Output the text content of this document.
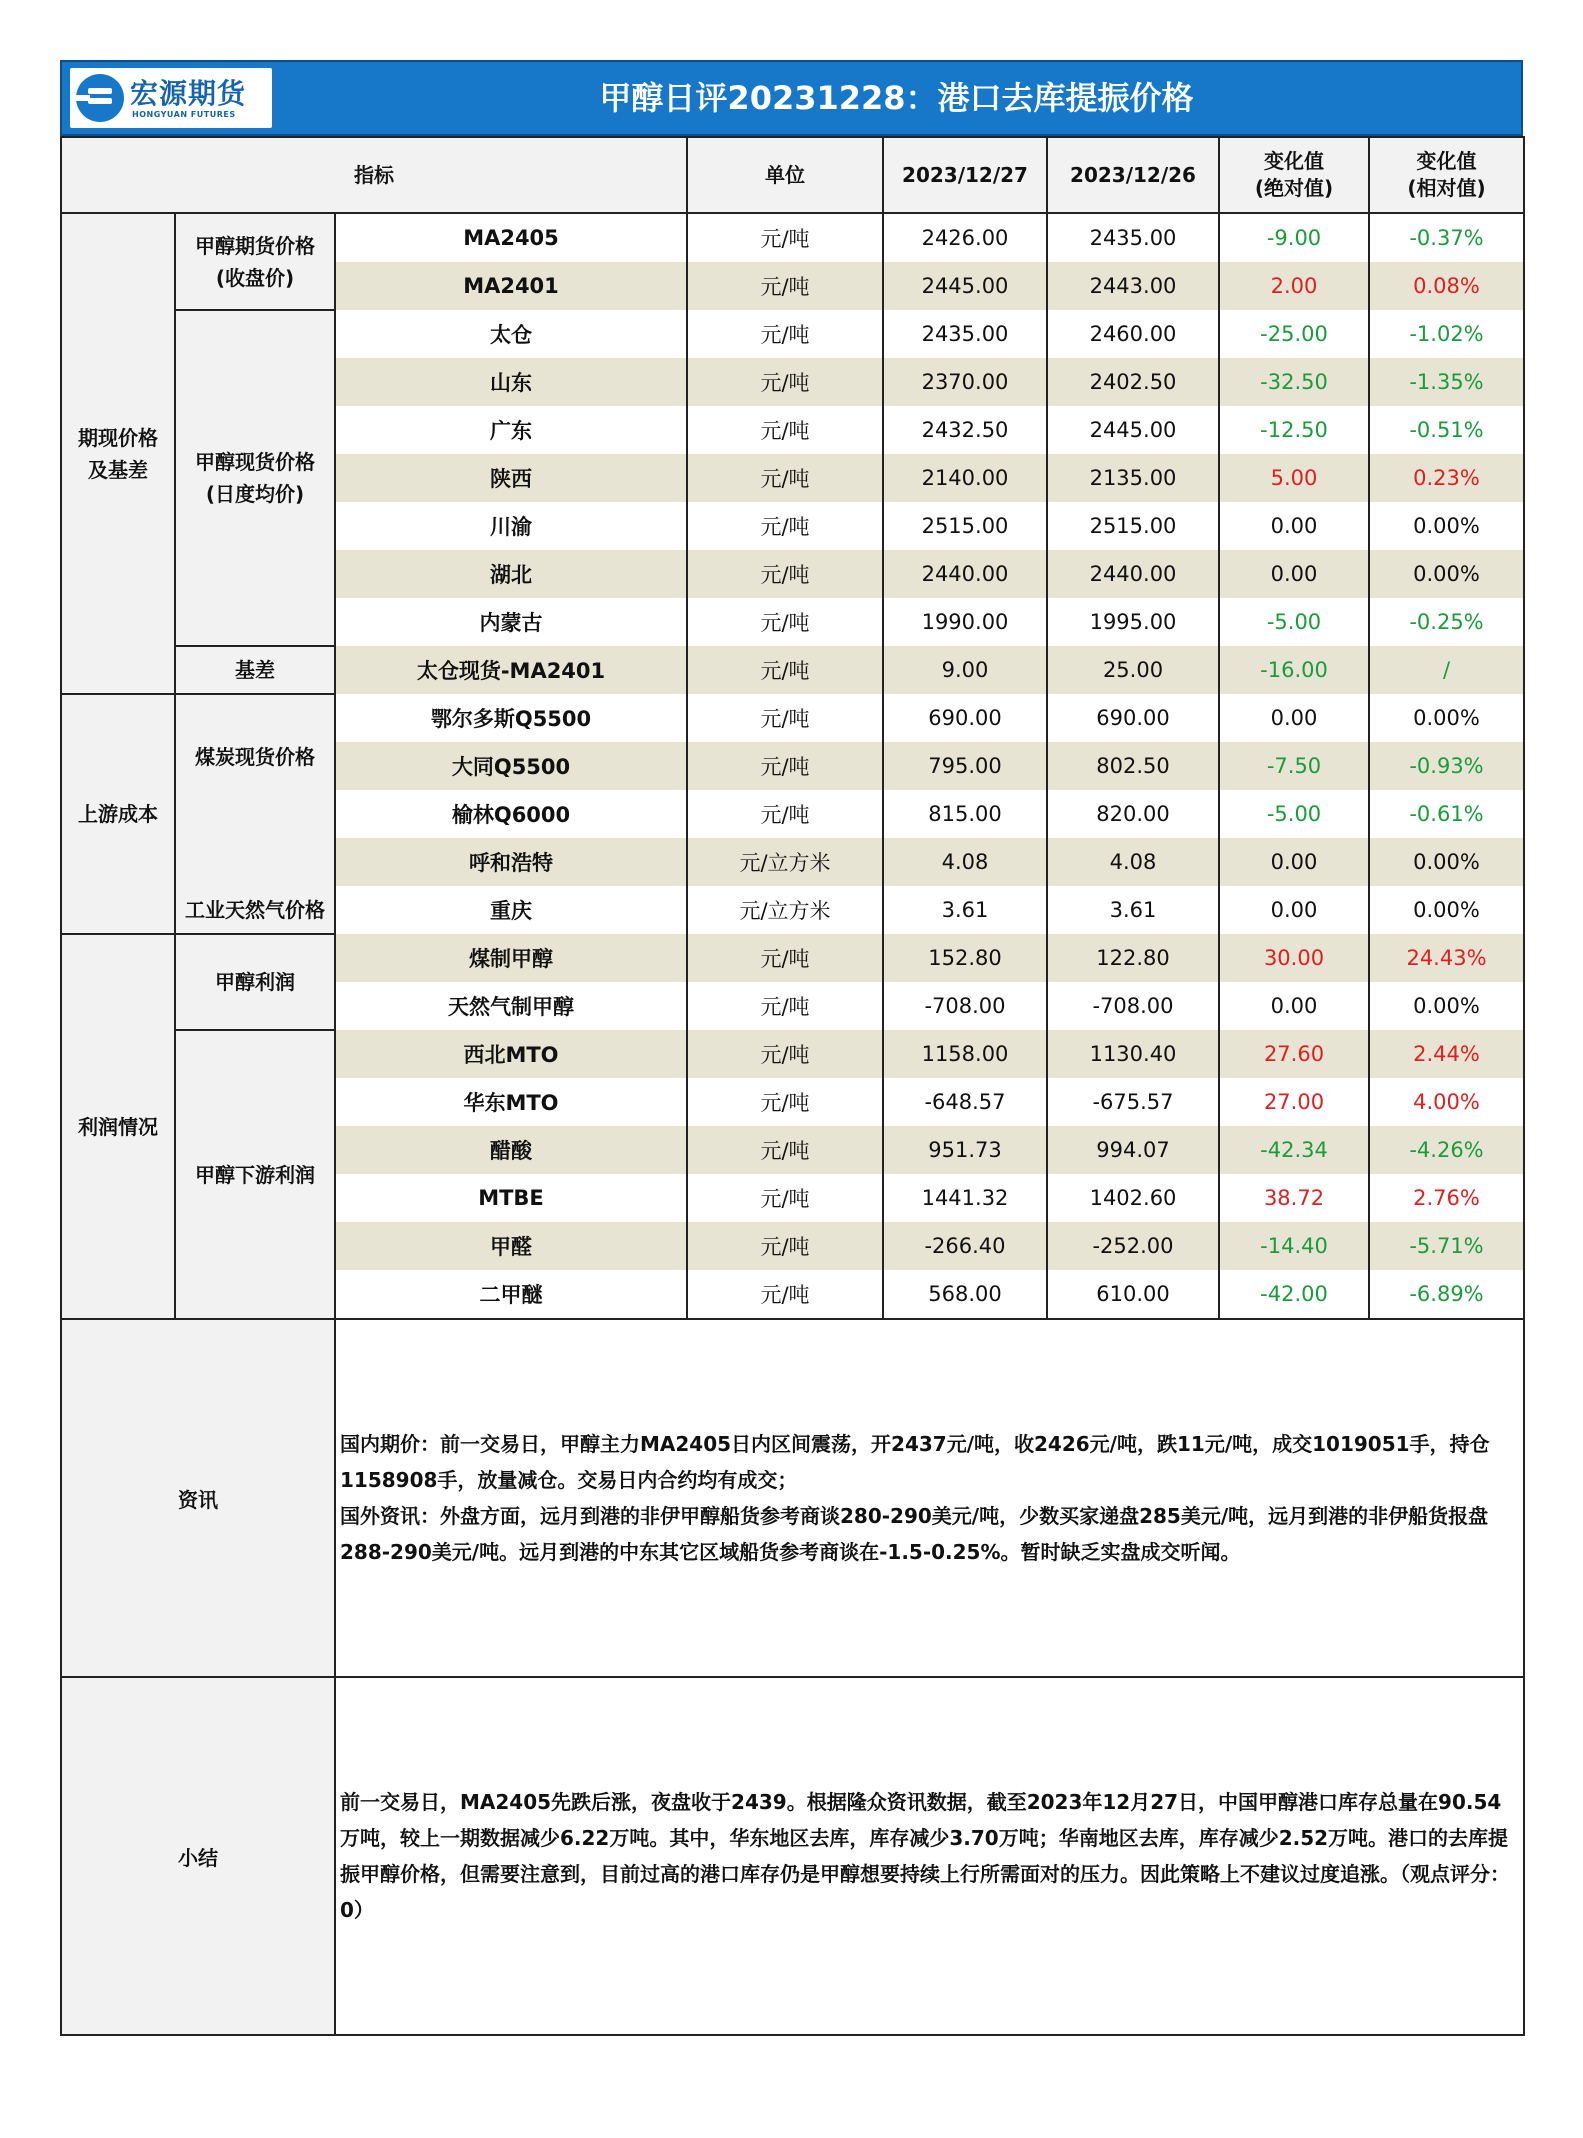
宏源期货
HONGYUAN FUTURES	甲醇日评20231228：港口去库提振价格
指标			单位	2023/12/27	2023/12/26	变化值
(绝对值)	变化值
(相对值)
期现价格
及基差	甲醇期货价格
(收盘价)	MA2405	元/吨	2426.00	2435.00	-9.00	-0.37%
		MA2401	元/吨	2445.00	2443.00	2.00	0.08%
	甲醇现货价格
(日度均价)	太仓	元/吨	2435.00	2460.00	-25.00	-1.02%
		山东	元/吨	2370.00	2402.50	-32.50	-1.35%
		广东	元/吨	2432.50	2445.00	-12.50	-0.51%
		陕西	元/吨	2140.00	2135.00	5.00	0.23%
		川渝	元/吨	2515.00	2515.00	0.00	0.00%
		湖北	元/吨	2440.00	2440.00	0.00	0.00%
		内蒙古	元/吨	1990.00	1995.00	-5.00	-0.25%
	基差	太仓现货-MA2401	元/吨	9.00	25.00	-16.00	/
上游成本	煤炭现货价格	鄂尔多斯Q5500	元/吨	690.00	690.00	0.00	0.00%
		大同Q5500	元/吨	795.00	802.50	-7.50	-0.93%
		榆林Q6000	元/吨	815.00	820.00	-5.00	-0.61%
	工业天然气价格	呼和浩特	元/立方米	4.08	4.08	0.00	0.00%
		重庆	元/立方米	3.61	3.61	0.00	0.00%
利润情况	甲醇利润	煤制甲醇	元/吨	152.80	122.80	30.00	24.43%
		天然气制甲醇	元/吨	-708.00	-708.00	0.00	0.00%
	甲醇下游利润	西北MTO	元/吨	1158.00	1130.40	27.60	2.44%
		华东MTO	元/吨	-648.57	-675.57	27.00	4.00%
		醋酸	元/吨	951.73	994.07	-42.34	-4.26%
		MTBE	元/吨	1441.32	1402.60	38.72	2.76%
		甲醛	元/吨	-266.40	-252.00	-14.40	-5.71%
		二甲醚	元/吨	568.00	610.00	-42.00	-6.89%
资讯		国内期价：前一交易日，甲醇主力MA2405日内区间震荡，开2437元/吨，收2426元/吨，跌11元/吨，成交1019051手，持仓1158908手，放量减仓。交易日内合约均有成交；

国外资讯：外盘方面，远月到港的非伊甲醇船货参考商谈280-290美元/吨，少数买家递盘285美元/吨，远月到港的非伊船货报盘288-290美元/吨。远月到港的中东其它区域船货参考商谈在-1.5-0.25%。暂时缺乏实盘成交听闻。					

小结		前一交易日，MA2405先跌后涨，夜盘收于2439。根据隆众资讯数据，截至2023年12月27日，中国甲醇港口库存总量在90.54万吨，较上一期数据减少6.22万吨。其中，华东地区去库，库存减少3.70万吨；华南地区去库，库存减少2.52万吨。港口的去库提振甲醇价格，但需要注意到，目前过高的港口库存仍是甲醇想要持续上行所需面对的压力。因此策略上不建议过度追涨。（观点评分：0）					
